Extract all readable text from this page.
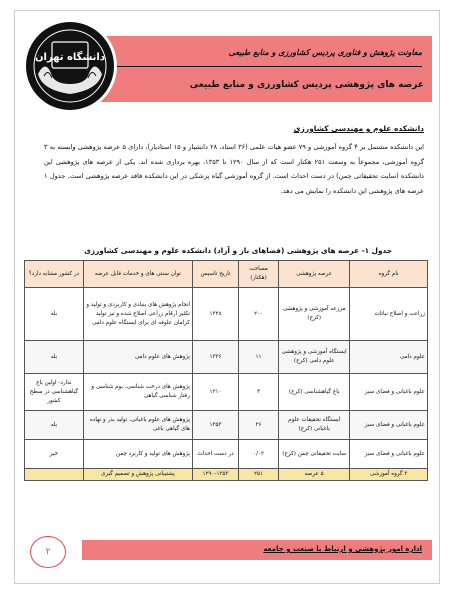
معاونت پژوهش و فناوری پردیس کشاورزی و منابع طبیعی
عرصه های پژوهشی پردیس کشاورزی و منابع طبیعی
دانشگاه تهران
دانشکده علوم و مهندسی کشاورزی
این دانشکده مشتمل بر ۴ گروه آموزشی و ۷۹ عضو هیات علمی (۳۶ استاد، ۲۸ دانشیار و ۱۵ استادیار)، دارای ۵ عرصه پژوهشی وابسته به ۳ گروه آموزشی، مجموعاً به وسعت ۲۵۱ هکتار است که از سال ۱۲۹۰ تا ۱۳۵۳، بهره برداری شده اند. یکی از عرصه های پژوهشی این دانشکده (سایت تحقیقاتی چمن) در دست احداث است. از گروه آموزشی گیاه پزشکی در این دانشکده فاقد عرصه پژوهشی است. جدول ۱ عرصه های پژوهشی این دانشکده را نمایش می دهد.
جدول ۱- عرصه های پژوهشی (فضاهای باز و آزاد) دانشکده علوم و مهندسی کشاورزی
نام گروه	عرصه پژوهشی	مساحت (هکتار)	تاریخ تاسیس	توان سنتی های و خدمات قابل عرضه	در کشور مشابه دارد؟
زراعت و اصلاح نباتات	مزرعه آموزشی و پژوهشی (کرج)	۲۰۰	۱۳۲۸	انجام پژوهش های بنیادی و کاربردی و تولید و تکثیر ارقام زراعی اصلاح شده و نیز تولید کرامان علوفه ای برای ایستگاه علوم دامی	بله
علوم دامی	ایستگاه آموزشی و پژوهشی علوم دامی (کرج)	۱۱	۱۳۳۶	پژوهش های علوم دامی	بله
علوم باغبانی و فضای سبز	باغ گیاهشناسی (کرج)	۴	۱۳۱۰	پژوهش های درخت شناسی، بوم شناسی و رفتار شناسی گیاهی	ندارد- اولین باغ گیاهشناسی در سطح کشور
علوم باغبانی و فضای سبز	ایستگاه تحقیقات علوم باغبانی (کرج)	۳۶	۱۳۵۳	پژوهش های علوم باغبانی، تولید بذر و نهاده های گیاهی باغی	بله
علوم باغبانی و فضای سبز	سایت تحقیقاتی چمن (کرج)	۰/۰۲	در دست احداث	پژوهش های تولید و کاربرد چمن	خیر
۳ گروه آموزشی	۵ عرصه	۲۵۱	۱۲۹۰-۱۳۵۳	پشتیبانی پژوهش و تصمیم گیری	
اداره امور پژوهشی و ارتباط با صنعت و جامعه
۲
